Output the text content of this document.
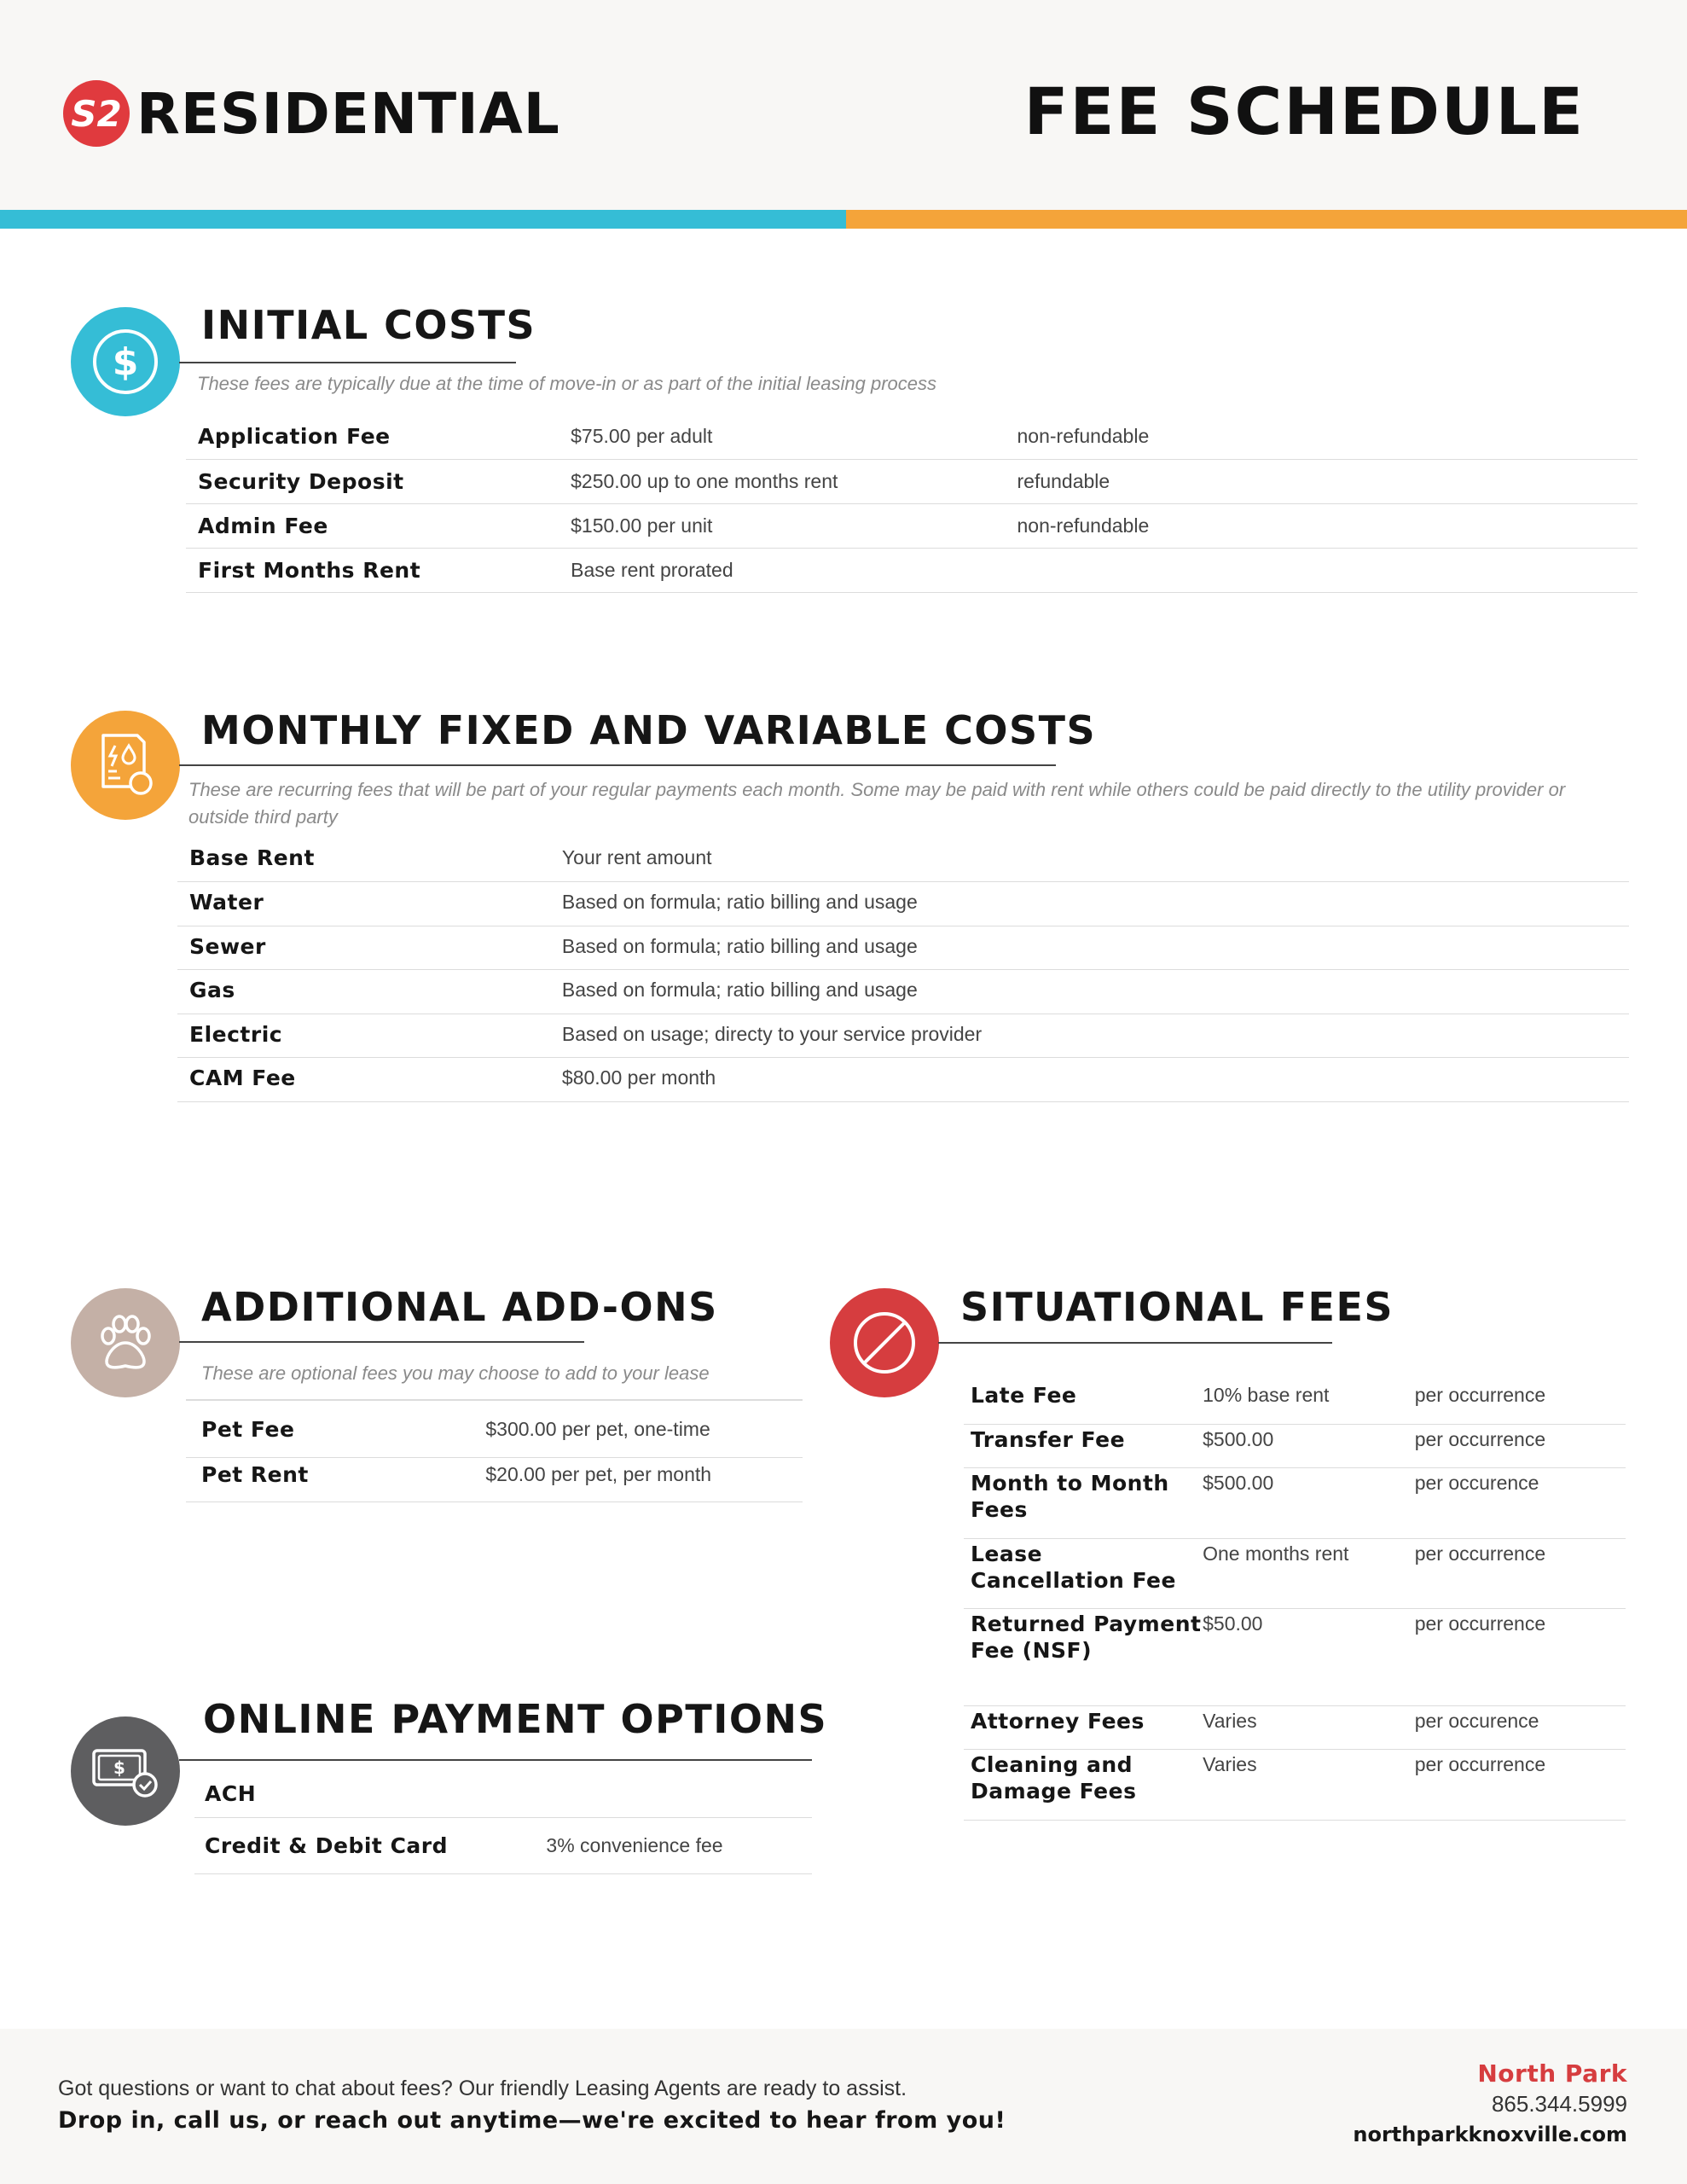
S2 RESIDENTIAL	FEE SCHEDULE
$
INITIAL COSTS
These fees are typically due at the time of move-in or as part of the initial leasing process
Application Fee	$75.00 per adult	non-refundable
Security Deposit	$250.00 up to one months rent	refundable
Admin Fee	$150.00 per unit	non-refundable
First Months Rent	Base rent prorated	
MONTHLY FIXED AND VARIABLE COSTS
These are recurring fees that will be part of your regular payments each month. Some may be paid with rent while others could be paid directly to the utility provider or outside third party
Base Rent	Your rent amount
Water	Based on formula; ratio billing and usage
Sewer	Based on formula; ratio billing and usage
Gas	Based on formula; ratio billing and usage
Electric	Based on usage; directy to your service provider
CAM Fee	$80.00 per month
ADDITIONAL ADD-ONS
These are optional fees you may choose to add to your lease
Pet Fee	$300.00 per pet, one-time
Pet Rent	$20.00 per pet, per month
SITUATIONAL FEES
Late Fee	10% base rent	per occurrence
Transfer Fee	$500.00	per occurrence
Month to Month Fees	$500.00	per occurence
Lease Cancellation Fee	One months rent	per occurrence
Returned Payment Fee (NSF)	$50.00	per occurrence
Attorney Fees	Varies	per occurence
Cleaning and Damage Fees	Varies	per occurrence
$
ONLINE PAYMENT OPTIONS
ACH	
Credit & Debit Card	3% convenience fee
Got questions or want to chat about fees? Our friendly Leasing Agents are ready to assist.
Drop in, call us, or reach out anytime—we're excited to hear from you!
North Park
865.344.5999
northparkknoxville.com
